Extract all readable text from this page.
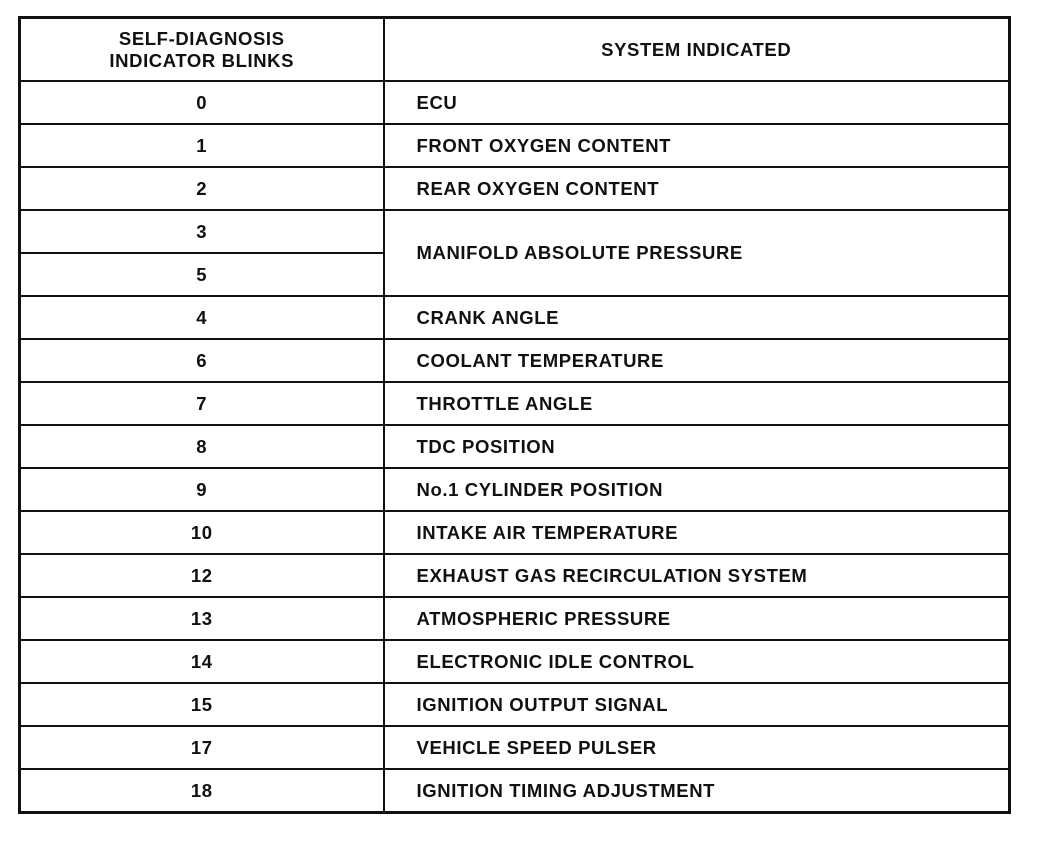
SELF-DIAGNOSIS
INDICATOR BLINKS	SYSTEM INDICATED
0	ECU
1	FRONT OXYGEN CONTENT
2	REAR OXYGEN CONTENT
3	MANIFOLD ABSOLUTE PRESSURE
5	
4	CRANK ANGLE
6	COOLANT TEMPERATURE
7	THROTTLE ANGLE
8	TDC POSITION
9	No.1 CYLINDER POSITION
10	INTAKE AIR TEMPERATURE
12	EXHAUST GAS RECIRCULATION SYSTEM
13	ATMOSPHERIC PRESSURE
14	ELECTRONIC IDLE CONTROL
15	IGNITION OUTPUT SIGNAL
17	VEHICLE SPEED PULSER
18	IGNITION TIMING ADJUSTMENT
